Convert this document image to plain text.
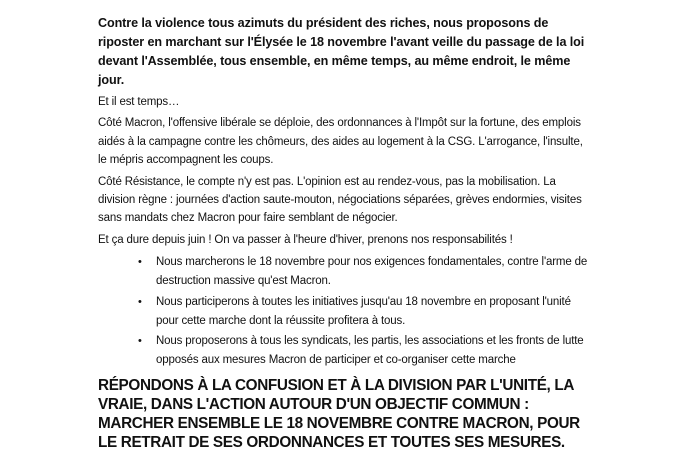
Contre la violence tous azimuts du président des riches, nous proposons de riposter en marchant sur l'Élysée le 18 novembre l'avant veille du passage de la loi devant l'Assemblée, tous ensemble, en même temps, au même endroit, le même jour.

Et il est temps…

Côté Macron, l'offensive libérale se déploie, des ordonnances à l'Impôt sur la fortune, des emplois aidés à la campagne contre les chômeurs, des aides au logement à la CSG. L'arrogance, l'insulte, le mépris accompagnent les coups.

Côté Résistance, le compte n'y est pas. L'opinion est au rendez-vous, pas la mobilisation. La division règne : journées d'action saute-mouton, négociations séparées, grèves endormies, visites sans mandats chez Macron pour faire semblant de négocier.

Et ça dure depuis juin ! On va passer à l'heure d'hiver, prenons nos responsabilités !

• Nous marcherons le 18 novembre pour nos exigences fondamentales, contre l'arme de destruction massive qu'est Macron.
• Nous participerons à toutes les initiatives jusqu'au 18 novembre en proposant l'unité pour cette marche dont la réussite profitera à tous.
• Nous proposerons à tous les syndicats, les partis, les associations et les fronts de lutte opposés aux mesures Macron de participer et co-organiser cette marche
RÉPONDONS À LA CONFUSION ET À LA DIVISION PAR L'UNITÉ, LA VRAIE, DANS L'ACTION AUTOUR D'UN OBJECTIF COMMUN : MARCHER ENSEMBLE LE 18 NOVEMBRE CONTRE MACRON, POUR LE RETRAIT DE SES ORDONNANCES ET TOUTES SES MESURES.
